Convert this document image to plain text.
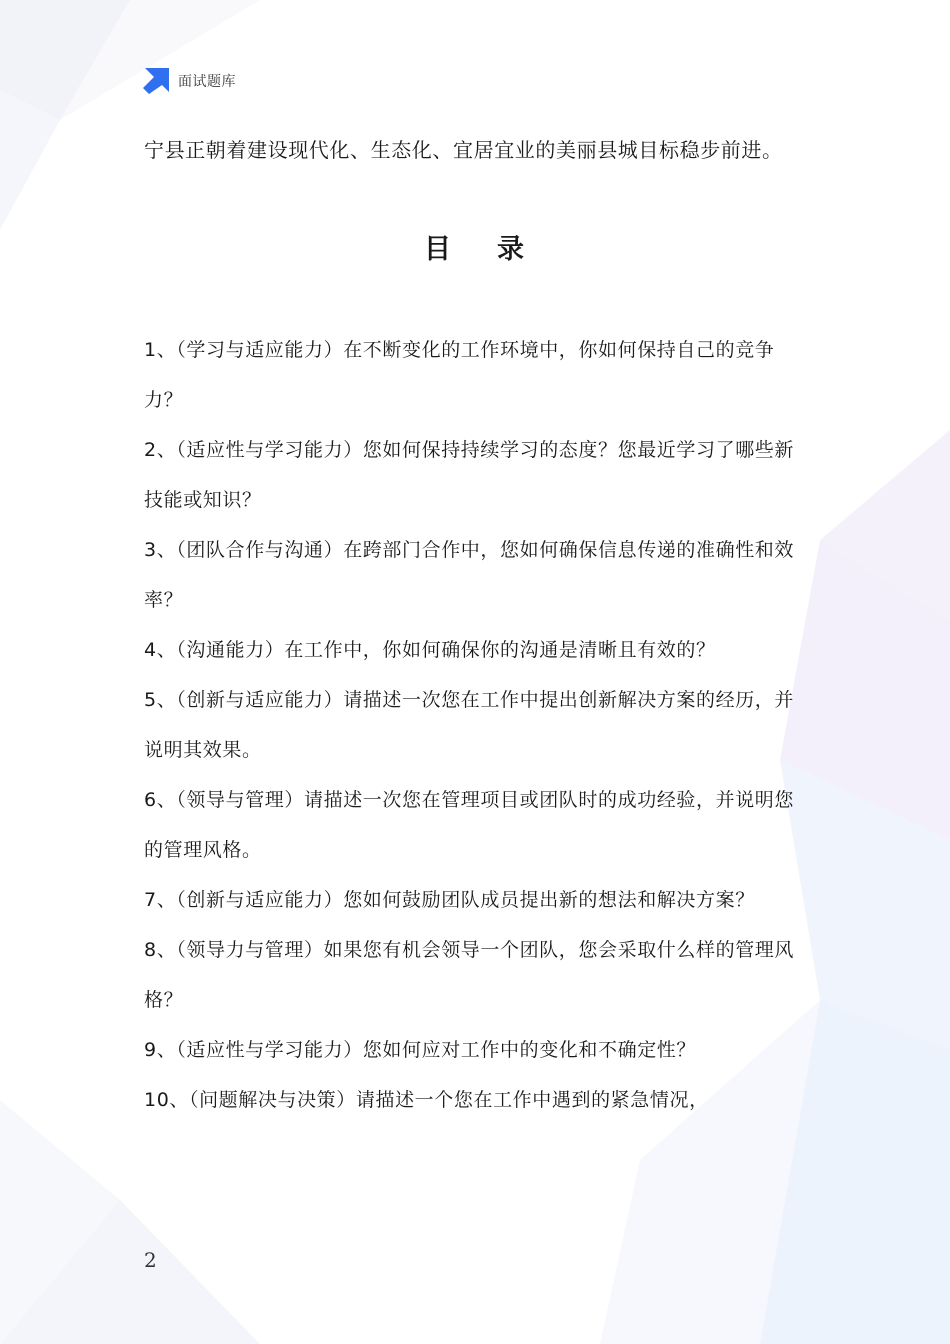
面试题库

宁县正朝着建设现代化、生态化、宜居宜业的美丽县城目标稳步前进。

目 录
1、（学习与适应能力）在不断变化的工作环境中，你如何保持自己的竞争力？
2、（适应性与学习能力）您如何保持持续学习的态度？您最近学习了哪些新技能或知识？
3、（团队合作与沟通）在跨部门合作中，您如何确保信息传递的准确性和效率？
4、（沟通能力）在工作中，你如何确保你的沟通是清晰且有效的？
5、（创新与适应能力）请描述一次您在工作中提出创新解决方案的经历，并说明其效果。
6、（领导与管理）请描述一次您在管理项目或团队时的成功经验，并说明您的管理风格。
7、（创新与适应能力）您如何鼓励团队成员提出新的想法和解决方案？
8、（领导力与管理）如果您有机会领导一个团队，您会采取什么样的管理风格？
9、（适应性与学习能力）您如何应对工作中的变化和不确定性？
10、（问题解决与决策）请描述一个您在工作中遇到的紧急情况，
2
